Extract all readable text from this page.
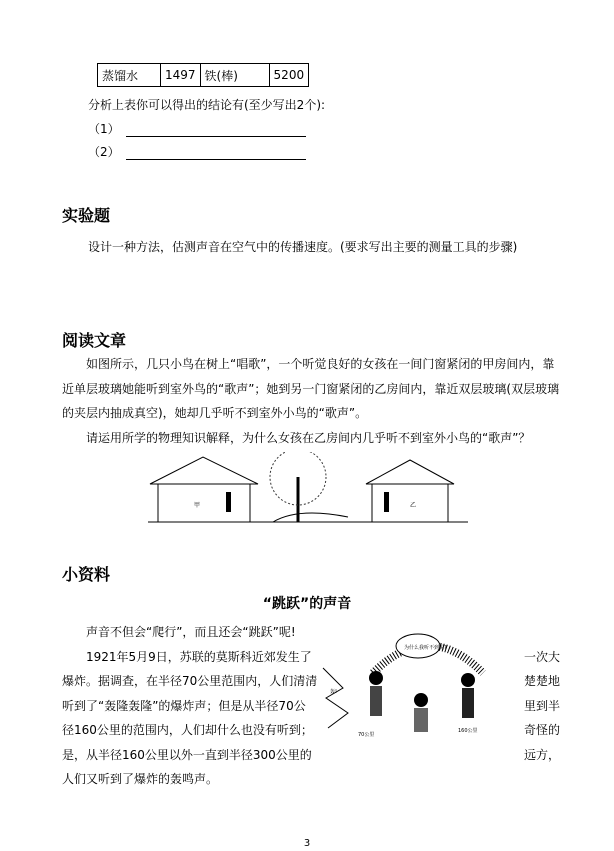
蒸馏水	1497	铁(棒)	5200
分析上表你可以得出的结论有(至少写出2个):
（1）
（2）
实验题
设计一种方法，估测声音在空气中的传播速度。(要求写出主要的测量工具的步骤)
阅读文章
　　如图所示，几只小鸟在树上“唱歌”，一个听觉良好的女孩在一间门窗紧闭的甲房间内，靠
近单层玻璃她能听到室外鸟的“歌声”；她到另一门窗紧闭的乙房间内，靠近双层玻璃(双层玻璃
的夹层内抽成真空)，她却几乎听不到室外小鸟的“歌声”。
　　请运用所学的物理知识解释，为什么女孩在乙房间内几乎听不到室外小鸟的“歌声”？
甲	乙
小资料
“跳跃”的声音
　　声音不但会“爬行”，而且还会“跳跃”呢!
　　1921年5月9日，苏联的莫斯科近郊发生了
爆炸。据调查，在半径70公里范围内，人们清清
听到了“轰隆轰隆”的爆炸声；但是从半径70公
径160公里的范围内，人们却什么也没有听到；
是，从半径160公里以外一直到半径300公里的
人们又听到了爆炸的轰鸣声。
一次大
楚楚地
里到半
奇怪的
远方，
为什么我听不到呢?
轰!
70公里
160公里
3
